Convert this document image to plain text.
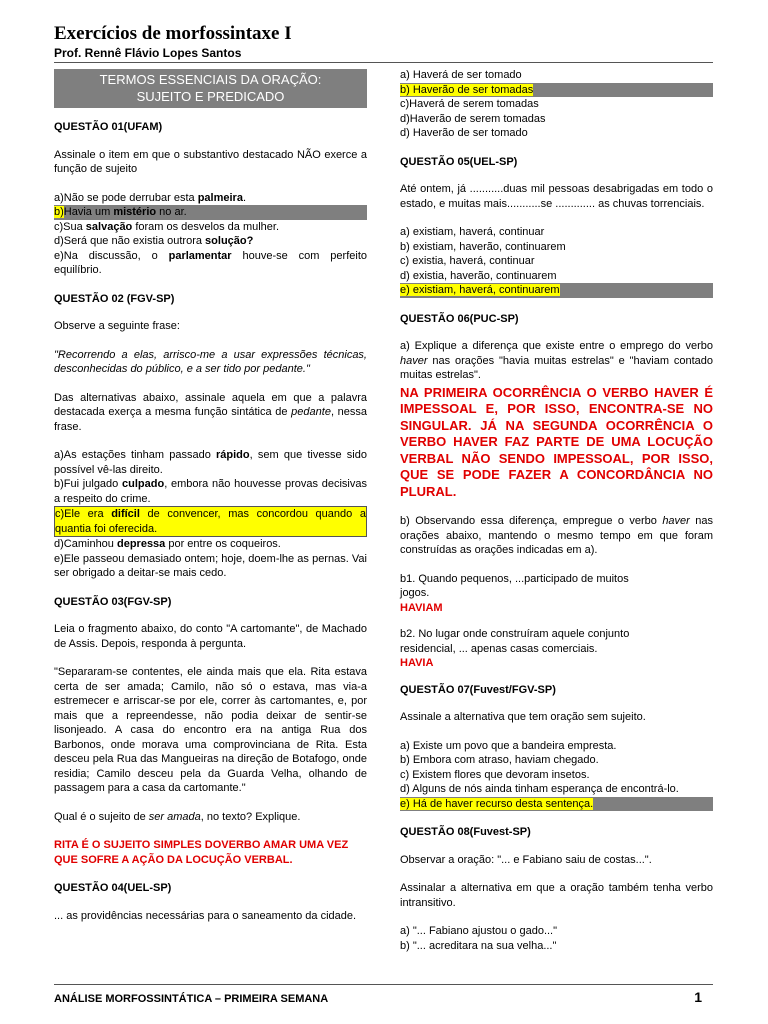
Exercícios de morfossintaxe I
Prof. Rennê Flávio Lopes Santos
TERMOS ESSENCIAIS DA ORAÇÃO:
SUJEITO E PREDICADO
QUESTÃO 01(UFAM)

Assinale o item em que o substantivo destacado NÃO exerce a função de sujeito

a)Não se pode derrubar esta palmeira.
b)Havia um mistério no ar.
c)Sua salvação foram os desvelos da mulher.
d)Será que não existia outrora solução?
e)Na discussão, o parlamentar houve-se com perfeito equilíbrio.
QUESTÃO 02 (FGV-SP)

Observe a seguinte frase:

"Recorrendo a elas, arrisco-me a usar expressões técnicas, desconhecidas do público, e a ser tido por pedante."

Das alternativas abaixo, assinale aquela em que a palavra destacada exerça a mesma função sintática de pedante, nessa frase.

a)As estações tinham passado rápido, sem que tivesse sido possível vê-las direito.
b)Fui julgado culpado, embora não houvesse provas decisivas a respeito do crime.
c)Ele era difícil de convencer, mas concordou quando a quantia foi oferecida.
d)Caminhou depressa por entre os coqueiros.
e)Ele passeou demasiado ontem; hoje, doem-lhe as pernas. Vai ser obrigado a deitar-se mais cedo.
QUESTÃO 03(FGV-SP)

Leia o fragmento abaixo, do conto "A cartomante", de Machado de Assis. Depois, responda à pergunta.

"Separaram-se contentes, ele ainda mais que ela. Rita estava certa de ser amada; Camilo, não só o estava, mas via-a estremecer e arriscar-se por ele, correr às cartomantes, e, por mais que a repreendesse, não podia deixar de sentir-se lisonjeado. A casa do encontro era na antiga Rua dos Barbonos, onde morava uma comprovinciana de Rita. Esta desceu pela Rua das Mangueiras na direção de Botafogo, onde residia; Camilo desceu pela da Guarda Velha, olhando de passagem para a casa da cartomante."

Qual é o sujeito de ser amada, no texto? Explique.

RITA É O SUJEITO SIMPLES DOVERBO AMAR UMA VEZ QUE SOFRE A AÇÃO DA LOCUÇÃO VERBAL.

QUESTÃO 04(UEL-SP)

... as providências necessárias para o saneamento da cidade.

a) Haverá de ser tomado
b) Haverão de ser tomadas
c)Haverá de serem tomadas
d)Haverão de serem tomadas
d) Haverão de ser tomado
QUESTÃO 05(UEL-SP)

Até ontem, já ...........duas mil pessoas desabrigadas em todo o estado, e muitas mais...........se ............. as chuvas torrenciais.

a) existiam, haverá, continuar
b) existiam, haverão, continuarem
c) existia, haverá, continuar
d) existia, haverão, continuarem
e) existiam, haverá, continuarem
QUESTÃO 06(PUC-SP)

a) Explique a diferença que existe entre o emprego do verbo haver nas orações "havia muitas estrelas" e "haviam contado muitas estrelas".

NA PRIMEIRA OCORRÊNCIA O VERBO HAVER É IMPESSOAL E, POR ISSO, ENCONTRA-SE NO SINGULAR. JÁ NA SEGUNDA OCORRÊNCIA O VERBO HAVER FAZ PARTE DE UMA LOCUÇÃO VERBAL NÃO SENDO IMPESSOAL, POR ISSO, QUE SE PODE FAZER A CONCORDÂNCIA NO PLURAL.

b) Observando essa diferença, empregue o verbo haver nas orações abaixo, mantendo o mesmo tempo em que foram construídas as orações indicadas em a).

b1. Quando pequenos, ...participado de muitos jogos.
HAVIAM

b2. No lugar onde construíram aquele conjunto residencial, ... apenas casas comerciais.
HAVIA

QUESTÃO 07(Fuvest/FGV-SP)

Assinale a alternativa que tem oração sem sujeito.

a) Existe um povo que a bandeira empresta.
b) Embora com atraso, haviam chegado.
c) Existem flores que devoram insetos.
d) Alguns de nós ainda tinham esperança de encontrá-lo.
e) Há de haver recurso desta sentença.
QUESTÃO 08(Fuvest-SP)

Observar a oração: "... e Fabiano saiu de costas...".

Assinalar a alternativa em que a oração também tenha verbo intransitivo.

a) "... Fabiano ajustou o gado..."
b) "... acreditara na sua velha..."
ANÁLISE MORFOSSINTÁTICA – PRIMEIRA SEMANA	1
